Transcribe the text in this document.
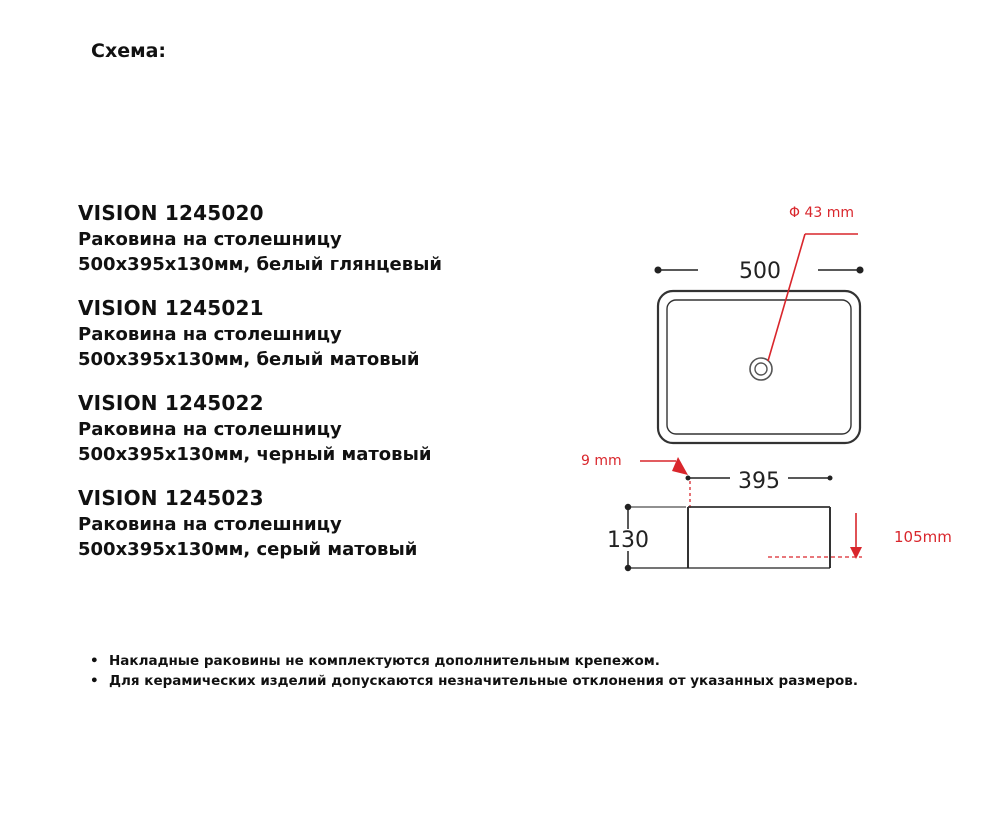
Схема:
VISION 1245020
Раковина на столешницу
500x395x130мм, белый глянцевый
VISION 1245021
Раковина на столешницу
500x395x130мм, белый матовый
VISION 1245022
Раковина на столешницу
500x395x130мм, черный матовый
VISION 1245023
Раковина на столешницу
500x395x130мм, серый матовый
500
Φ 43 mm
9 mm
395
130	105mm
• Накладные раковины не комплектуются дополнительным крепежом.
• Для керамических изделий допускаются незначительные отклонения от указанных размеров.
